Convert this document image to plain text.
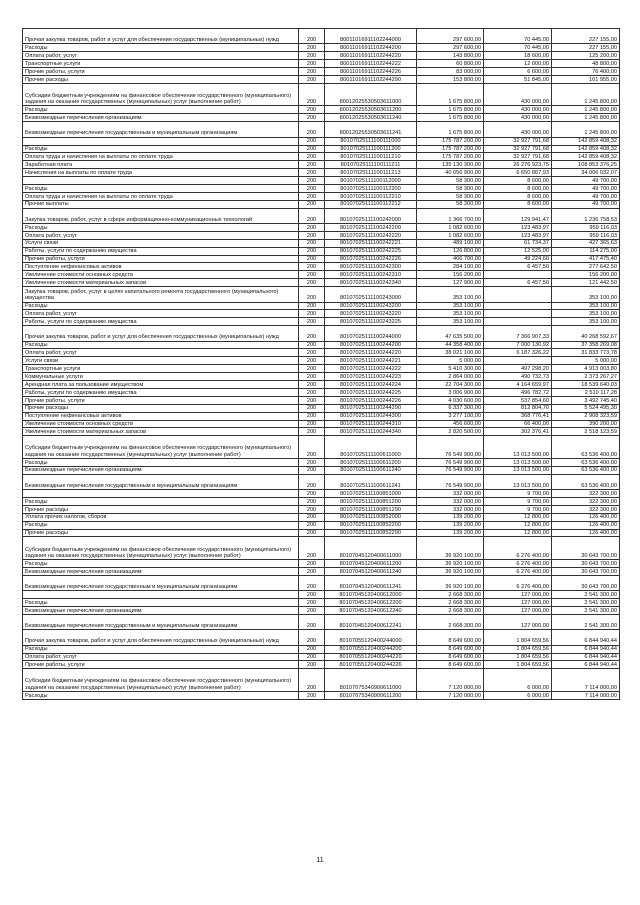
Прочая закупка товаров, работ и услуг для обеспечения государственных (муниципальных) нужд	200	80011016911102244000	297 600,00	70 445,00	227 155,00
Расходы	200	80011016911102244200	297 600,00	70 445,00	227 155,00
Оплата работ, услуг	200	80011016911102244220	143 800,00	18 600,00	125 200,00
Транспортные услуги	200	80011016911102244222	60 800,00	12 000,00	48 800,00
Прочие работы, услуги	200	80011016911102244226	83 000,00	6 600,00	76 400,00
Прочие расходы	200	80011016911102244290	153 800,00	51 845,00	101 955,00
Субсидии бюджетным учреждениям на финансовое обеспечение государственного (муниципального) задания на оказание государственных (муниципальных) услуг (выполнение работ)	200	80012025530503611000	1 675 800,00	430 000,00	1 245 800,00
Расходы	200	80012025530503611200	1 675 800,00	430 000,00	1 245 800,00
Безвозмездные перечисления организациям	200	80012025530503611240	1 675 800,00	430 000,00	1 245 800,00
Безвозмездные перечисления государственным и муниципальным организациям	200	80012025530503611241	1 675 800,00	430 000,00	1 245 800,00
	200	80107025111100111000	175 787 200,00	32 927 791,68	142 859 408,32
Расходы	200	80107025111100111200	175 787 200,00	32 927 791,68	142 859 408,32
Оплата труда и начисления на выплаты по оплате труда	200	80107025111100111210	175 787 200,00	32 927 791,68	142 859 408,32
Заработная плата	200	80107025111100111211	135 130 300,00	26 276 923,75	108 853 376,25
Начисления на выплаты по оплате труда	200	80107025111100111213	40 656 900,00	6 650 867,93	34 006 032,07
	200	80107025111100112000	58 300,00	8 600,00	49 700,00
Расходы	200	80107025111100112200	58 300,00	8 600,00	49 700,00
Оплата труда и начисления на выплаты по оплате труда	200	80107025111100112210	58 300,00	8 600,00	49 700,00
Прочие выплаты	200	80107025111100112212	58 300,00	8 600,00	49 700,00
Закупка товаров, работ, услуг в сфере информационно-коммуникационных технологий	200	80107025111100242000	1 366 700,00	129 941,47	1 236 758,53
Расходы	200	80107025111100242200	1 082 600,00	123 483,97	959 116,03
Оплата работ, услуг	200	80107025111100242220	1 082 600,00	123 483,97	959 116,03
Услуги связи	200	80107025111100242221	489 100,00	61 734,37	427 365,63
Работы, услуги по содержанию имущества	200	80107025111100242225	126 800,00	12 525,00	114 275,00
Прочие работы, услуги	200	80107025111100242226	466 700,00	49 224,60	417 475,40
Поступление нефинансовых активов	200	80107025111100242300	284 100,00	6 457,50	277 642,50
Увеличение стоимости основных средств	200	80107025111100242310	156 200,00		156 200,00
Увеличение стоимости материальных запасов	200	80107025111100242340	127 900,00	6 457,50	121 442,50
Закупка товаров, работ, услуг в целях капитального ремонта государственного (муниципального) имущества	200	80107025111100243000	353 100,00		353 100,00
Расходы	200	80107025111100243200	353 100,00		353 100,00
Оплата работ, услуг	200	80107025111100243220	353 100,00		353 100,00
Работы, услуги по содержанию имущества	200	80107025111100243225	353 100,00		353 100,00
Прочая закупка товаров, работ и услуг для обеспечения государственных (муниципальных) нужд	200	80107025111100244000	47 635 500,00	7 366 907,33	40 268 592,67
Расходы	200	80107025111100244200	44 358 400,00	7 000 130,92	37 358 269,08
Оплата работ, услуг	200	80107025111100244220	38 021 100,00	6 187 326,22	31 833 773,78
Услуги связи	200	80107025111100244221	5 000,00		5 000,00
Транспортные услуги	200	80107025111100244222	5 410 300,00	497 298,20	4 913 003,80
Коммунальные услуги	200	80107025111100244223	2 864 000,00	490 732,73	2 373 267,27
Арендная плата за пользование имуществом	200	80107025111100244224	22 704 300,00	4 164 659,97	18 539 640,03
Работы, услуги по содержанию имущества	200	80107025111100244225	3 006 900,00	496 782,72	2 510 117,28
Прочие работы, услуги	200	80107025111100244226	4 030 600,00	537 854,60	3 492 745,40
Прочие расходы	200	80107025111100244290	6 337 300,00	812 804,70	5 524 495,30
Поступление нефинансовых активов	200	80107025111100244300	3 277 100,00	368 776,41	2 908 323,59
Увеличение стоимости основных средств	200	80107025111100244310	456 600,00	66 400,00	390 200,00
Увеличение стоимости материальных запасов	200	80107025111100244340	2 820 500,00	302 376,41	2 518 123,59
Субсидии бюджетным учреждениям на финансовое обеспечение государственного (муниципального) задания на оказание государственных (муниципальных) услуг (выполнение работ)	200	80107025111100611000	76 549 900,00	13 013 500,00	63 536 400,00
Расходы	200	80107025111100611200	76 549 900,00	13 013 500,00	63 536 400,00
Безвозмездные перечисления организациям	200	80107025111100611240	76 549 900,00	13 013 500,00	63 536 400,00
Безвозмездные перечисления государственным и муниципальным организациям	200	80107025111100611241	76 549 900,00	13 013 500,00	63 536 400,00
	200	80107025111100851000	332 000,00	9 700,00	322 300,00
Расходы	200	80107025111100851200	332 000,00	9 700,00	322 300,00
Прочие расходы	200	80107025111100851290	332 000,00	9 700,00	322 300,00
Уплата прочих налогов, сборов	200	80107025111100852000	139 200,00	12 800,00	126 400,00
Расходы	200	80107025111100852200	139 200,00	12 800,00	126 400,00
Прочие расходы	200	80107025111100852290	139 200,00	12 800,00	126 400,00
Субсидии бюджетным учреждениям на финансовое обеспечение государственного (муниципального) задания на оказание государственных (муниципальных) услуг (выполнение работ)	200	80107045120400611000	36 920 100,00	6 276 400,00	30 643 700,00
Расходы	200	80107045120400611200	36 920 100,00	6 276 400,00	30 643 700,00
Безвозмездные перечисления организациям	200	80107045120400611240	36 920 100,00	6 276 400,00	30 643 700,00
Безвозмездные перечисления государственным и муниципальным организациям	200	80107045120400611241	36 920 100,00	6 276 400,00	30 643 700,00
	200	80107045120400612000	2 668 300,00	127 000,00	2 541 300,00
Расходы	200	80107045120400612200	2 668 300,00	127 000,00	2 541 300,00
Безвозмездные перечисления организациям	200	80107045120400612240	2 668 300,00	127 000,00	2 541 300,00
Безвозмездные перечисления государственным и муниципальным организациям	200	80107045120400612241	2 668 300,00	127 000,00	2 541 300,00
Прочая закупка товаров, работ и услуг для обеспечения государственных (муниципальных) нужд	200	80107055120400244000	8 649 600,00	1 804 659,56	6 844 940,44
Расходы	200	80107055120400244200	8 649 600,00	1 804 659,56	6 844 940,44
Оплата работ, услуг	200	80107055120400244220	8 649 600,00	1 804 659,56	6 844 940,44
Прочие работы, услуги	200	80107055120400244226	8 649 600,00	1 804 659,56	6 844 940,44
Субсидии бюджетным учреждениям на финансовое обеспечение государственного (муниципального) задания на оказание государственных (муниципальных) услуг (выполнение работ)	200	80107075340900611000	7 120 000,00	6 000,00	7 114 000,00
Расходы	200	80107075340900611200	7 120 000,00	6 000,00	7 114 000,00
11
